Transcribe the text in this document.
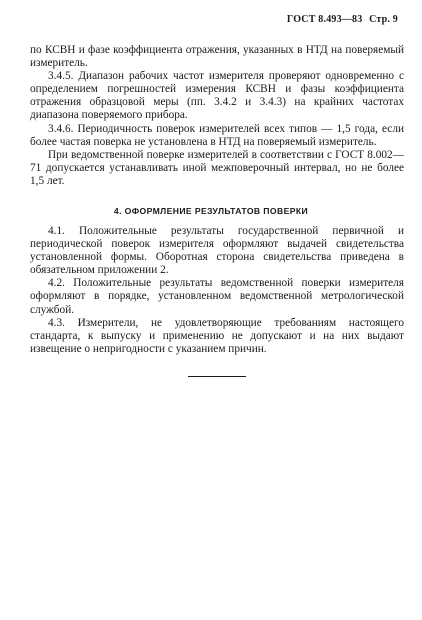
ГОСТ 8.493—83 Стр. 9

по КСВН и фазе коэффициента отражения, указанных в НТД на поверяемый измеритель.

3.4.5. Диапазон рабочих частот измерителя проверяют одновременно с определением погрешностей измерения КСВН и фазы коэффициента отражения образцовой меры (пп. 3.4.2 и 3.4.3) на крайних частотах диапазона поверяемого прибора.

3.4.6. Периодичность поверок измерителей всех типов — 1,5 года, если более частая поверка не установлена в НТД на поверяемый измеритель.

При ведомственной поверке измерителей в соответствии с ГОСТ 8.002—71 допускается устанавливать иной межповерочный интервал, но не более 1,5 лет.

4. ОФОРМЛЕНИЕ РЕЗУЛЬТАТОВ ПОВЕРКИ

4.1. Положительные результаты государственной первичной и периодической поверок измерителя оформляют выдачей свидетельства установленной формы. Оборотная сторона свидетельства приведена в обязательном приложении 2.

4.2. Положительные результаты ведомственной поверки измерителя оформляют в порядке, установленном ведомственной метрологической службой.

4.3. Измерители, не удовлетворяющие требованиям настоящего стандарта, к выпуску и применению не допускают и на них выдают извещение о непригодности с указанием причин.
